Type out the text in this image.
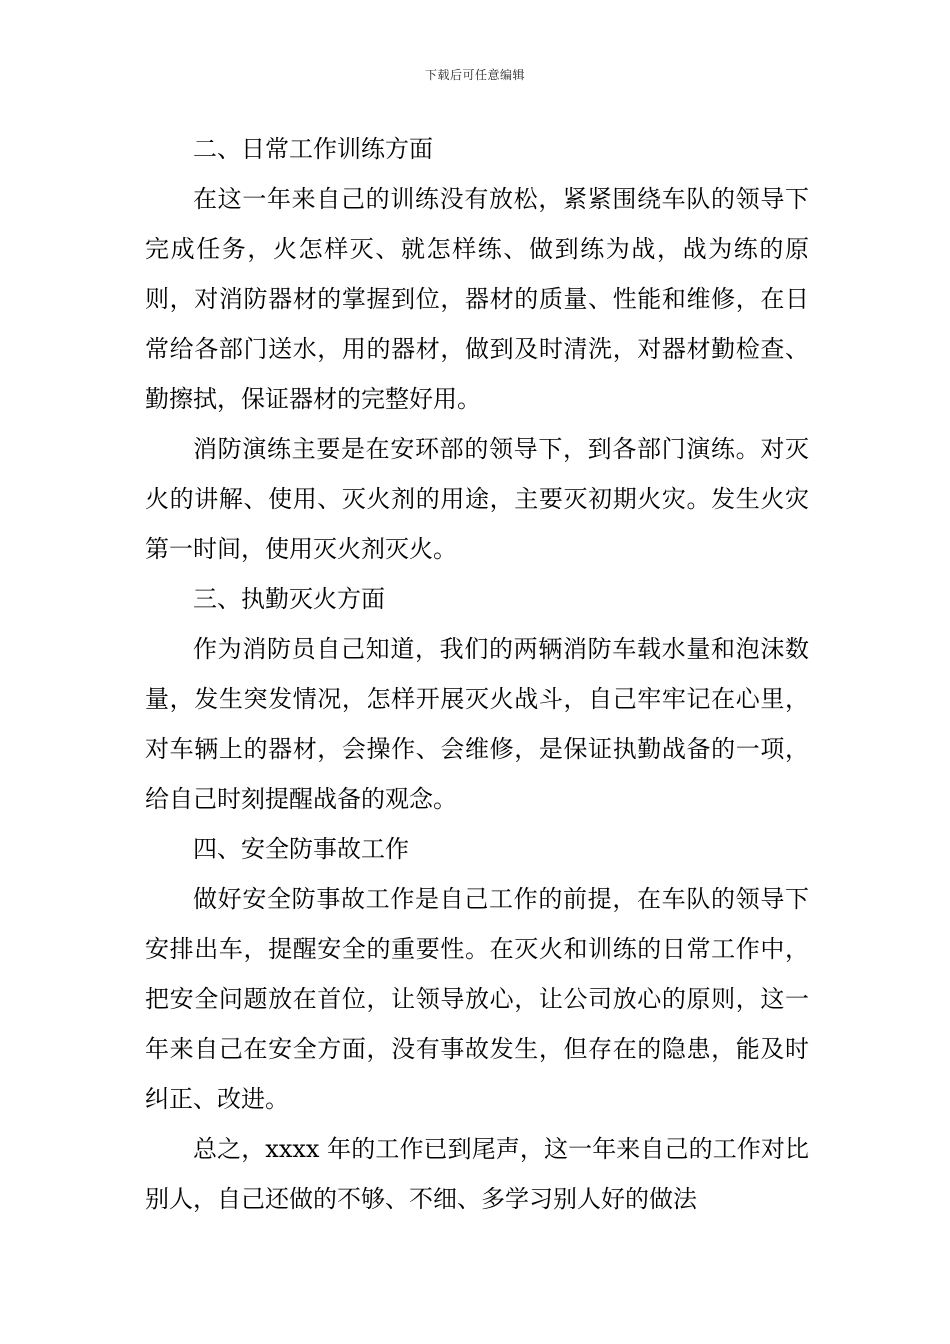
下载后可任意编辑

二、日常工作训练方面

在这一年来自己的训练没有放松，紧紧围绕车队的领导下完成任务，火怎样灭、就怎样练、做到练为战，战为练的原则，对消防器材的掌握到位，器材的质量、性能和维修，在日常给各部门送水，用的器材，做到及时清洗，对器材勤检查、勤擦拭，保证器材的完整好用。

消防演练主要是在安环部的领导下，到各部门演练。对灭火的讲解、使用、灭火剂的用途，主要灭初期火灾。发生火灾第一时间，使用灭火剂灭火。

三、执勤灭火方面

作为消防员自己知道，我们的两辆消防车载水量和泡沫数量，发生突发情况，怎样开展灭火战斗，自己牢牢记在心里，对车辆上的器材，会操作、会维修，是保证执勤战备的一项，给自己时刻提醒战备的观念。

四、安全防事故工作

做好安全防事故工作是自己工作的前提，在车队的领导下安排出车，提醒安全的重要性。在灭火和训练的日常工作中，把安全问题放在首位，让领导放心，让公司放心的原则，这一年来自己在安全方面，没有事故发生，但存在的隐患，能及时纠正、改进。

总之，xxxx 年的工作已到尾声，这一年来自己的工作对比别人，自己还做的不够、不细、多学习别人好的做法
